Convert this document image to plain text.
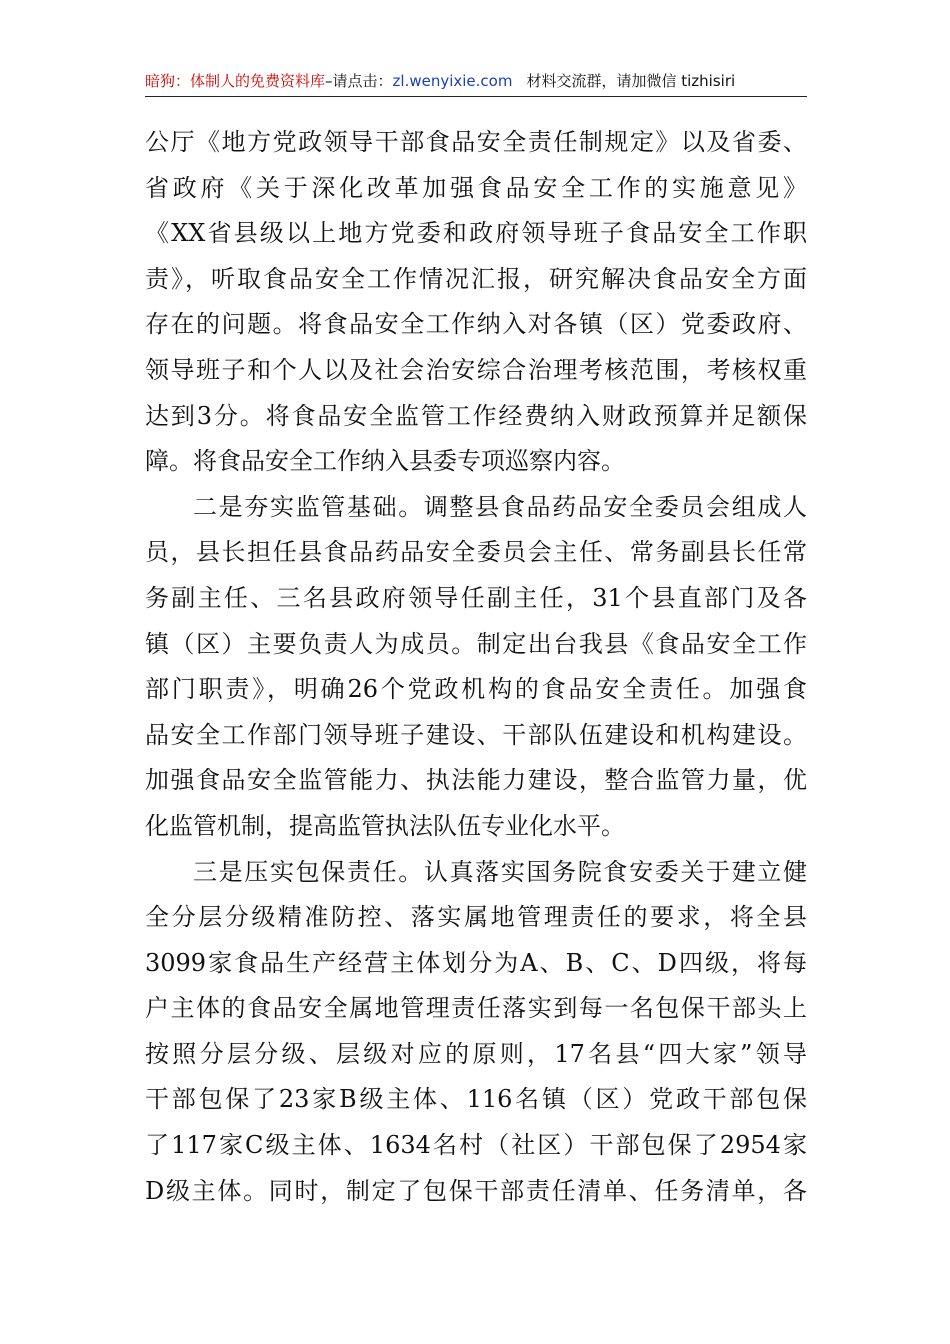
暗狗：体制人的免费资料库–请点击：zl.wenyixie.com 材料交流群，请加微信 tizhisiri
公厅《地方党政领导干部食品安全责任制规定》以及省委、
省政府《关于深化改革加强食品安全工作的实施意见》
《XX省县级以上地方党委和政府领导班子食品安全工作职
责》，听取食品安全工作情况汇报，研究解决食品安全方面
存在的问题。将食品安全工作纳入对各镇（区）党委政府、
领导班子和个人以及社会治安综合治理考核范围，考核权重
达到3分。将食品安全监管工作经费纳入财政预算并足额保
障。将食品安全工作纳入县委专项巡察内容。
二是夯实监管基础。调整县食品药品安全委员会组成人
员，县长担任县食品药品安全委员会主任、常务副县长任常
务副主任、三名县政府领导任副主任，31个县直部门及各
镇（区）主要负责人为成员。制定出台我县《食品安全工作
部门职责》，明确26个党政机构的食品安全责任。加强食
品安全工作部门领导班子建设、干部队伍建设和机构建设。
加强食品安全监管能力、执法能力建设，整合监管力量，优
化监管机制，提高监管执法队伍专业化水平。
三是压实包保责任。认真落实国务院食安委关于建立健
全分层分级精准防控、落实属地管理责任的要求，将全县
3099家食品生产经营主体划分为A、B、C、D四级，将每
户主体的食品安全属地管理责任落实到每一名包保干部头上
按照分层分级、层级对应的原则，17名县“四大家”领导
干部包保了23家B级主体、116名镇（区）党政干部包保
了117家C级主体、1634名村（社区）干部包保了2954家
D级主体。同时，制定了包保干部责任清单、任务清单，各
